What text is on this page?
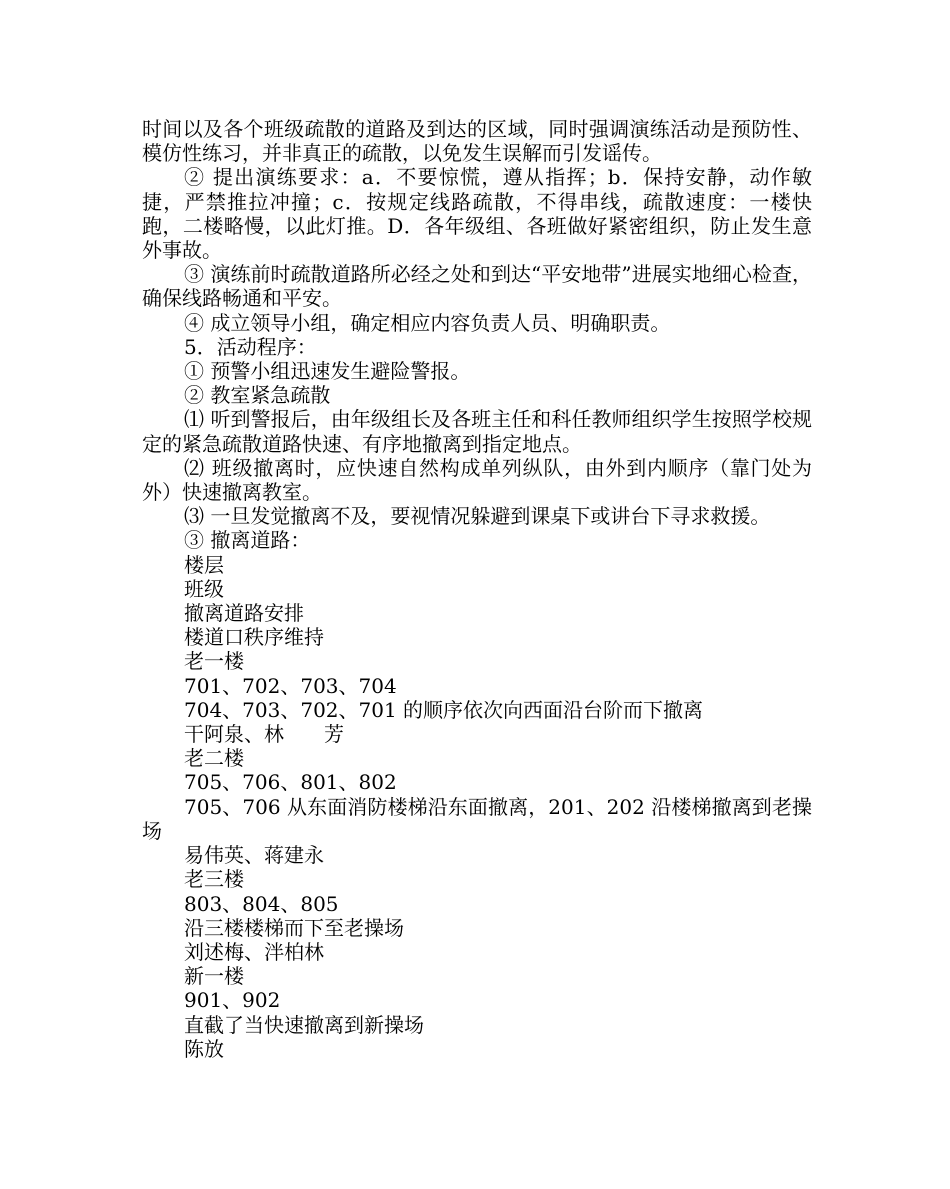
时间以及各个班级疏散的道路及到达的区域，同时强调演练活动是预防性、模仿性练习，并非真正的疏散，以免发生误解而引发谣传。

② 提出演练要求：a．不要惊慌，遵从指挥；b．保持安静，动作敏捷，严禁推拉冲撞；c．按规定线路疏散，不得串线，疏散速度：一楼快跑，二楼略慢，以此灯推。D．各年级组、各班做好紧密组织，防止发生意外事故。

③ 演练前时疏散道路所必经之处和到达“平安地带”进展实地细心检查，确保线路畅通和平安。

④ 成立领导小组，确定相应内容负责人员、明确职责。

5．活动程序：

① 预警小组迅速发生避险警报。

② 教室紧急疏散

⑴ 听到警报后，由年级组长及各班主任和科任教师组织学生按照学校规定的紧急疏散道路快速、有序地撤离到指定地点。

⑵ 班级撤离时，应快速自然构成单列纵队，由外到内顺序（靠门处为外）快速撤离教室。

⑶ 一旦发觉撤离不及，要视情况躲避到课桌下或讲台下寻求救援。

③ 撤离道路：

楼层

班级

撤离道路安排

楼道口秩序维持

老一楼

701、702、703、704

704、703、702、701 的顺序依次向西面沿台阶而下撤离

干阿泉、林　　芳

老二楼

705、706、801、802

705、706 从东面消防楼梯沿东面撤离，201、202 沿楼梯撤离到老操场

易伟英、蒋建永

老三楼

803、804、805

沿三楼楼梯而下至老操场

刘述梅、泮柏林

新一楼

901、902

直截了当快速撤离到新操场

陈放
